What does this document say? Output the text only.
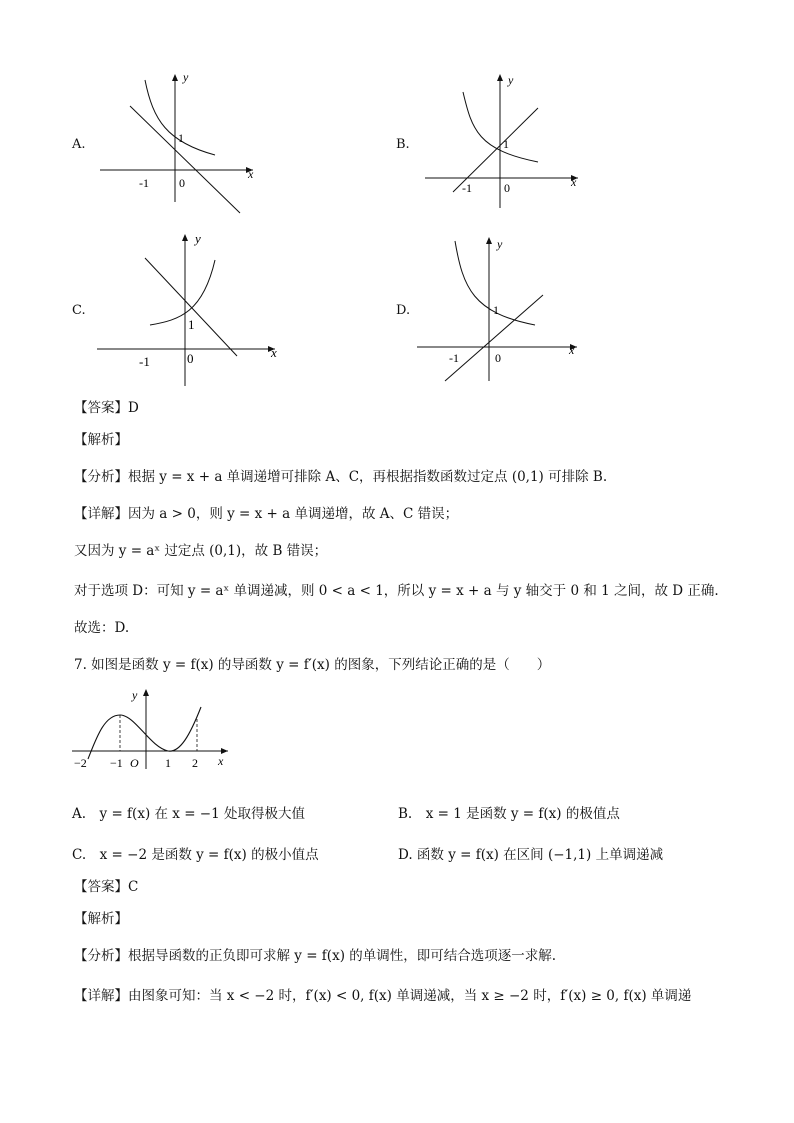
A.
y
x
1
-1	0
B.
y
x
1
-1	0
C.
y
x
1
-1	0
D.
y
x
1
-1	0
【答案】D
【解析】
【分析】根据 y = x + a 单调递增可排除 A、C，再根据指数函数过定点 (0,1) 可排除 B.
【详解】因为 a > 0，则 y = x + a 单调递增，故 A、C 错误；
又因为 y = aˣ 过定点 (0,1)，故 B 错误；
对于选项 D：可知 y = aˣ 单调递减，则 0 < a < 1，所以 y = x + a 与 y 轴交于 0 和 1 之间，故 D 正确.
故选：D.
7. 如图是函数 y = f(x) 的导函数 y = f′(x) 的图象，下列结论正确的是（　　）
y
x
−2 −1 O 1 2
A.　y = f(x) 在 x = −1 处取得极大值	B.　x = 1 是函数 y = f(x) 的极值点
C.　x = −2 是函数 y = f(x) 的极小值点	D. 函数 y = f(x) 在区间 (−1,1) 上单调递减
【答案】C
【解析】
【分析】根据导函数的正负即可求解 y = f(x) 的单调性，即可结合选项逐一求解.
【详解】由图象可知：当 x < −2 时，f′(x) < 0, f(x) 单调递减，当 x ≥ −2 时，f′(x) ≥ 0, f(x) 单调递
